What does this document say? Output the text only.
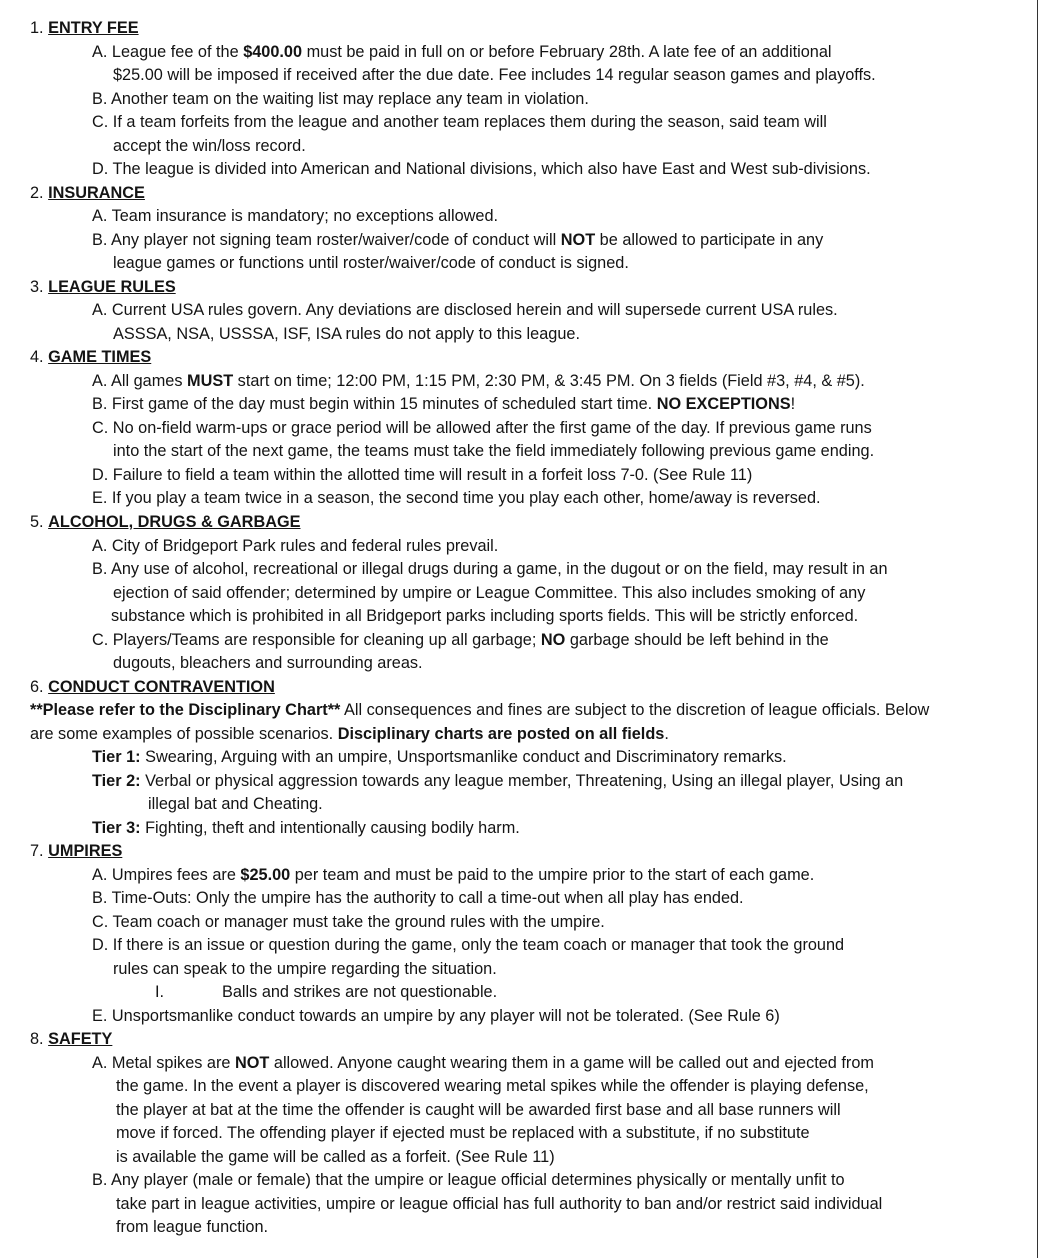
1. ENTRY FEE
A. League fee of the $400.00 must be paid in full on or before February 28th. A late fee of an additional
$25.00 will be imposed if received after the due date. Fee includes 14 regular season games and playoffs.
B. Another team on the waiting list may replace any team in violation.
C. If a team forfeits from the league and another team replaces them during the season, said team will
accept the win/loss record.
D. The league is divided into American and National divisions, which also have East and West sub-divisions.
2. INSURANCE
A. Team insurance is mandatory; no exceptions allowed.
B. Any player not signing team roster/waiver/code of conduct will NOT be allowed to participate in any
league games or functions until roster/waiver/code of conduct is signed.
3. LEAGUE RULES
A. Current USA rules govern. Any deviations are disclosed herein and will supersede current USA rules.
ASSSA, NSA, USSSA, ISF, ISA rules do not apply to this league.
4. GAME TIMES
A. All games MUST start on time; 12:00 PM, 1:15 PM, 2:30 PM, & 3:45 PM. On 3 fields (Field #3, #4, & #5).
B. First game of the day must begin within 15 minutes of scheduled start time. NO EXCEPTIONS!
C. No on-field warm-ups or grace period will be allowed after the first game of the day. If previous game runs
into the start of the next game, the teams must take the field immediately following previous game ending.
D. Failure to field a team within the allotted time will result in a forfeit loss 7-0. (See Rule 11)
E. If you play a team twice in a season, the second time you play each other, home/away is reversed.
5. ALCOHOL, DRUGS & GARBAGE
A. City of Bridgeport Park rules and federal rules prevail.
B. Any use of alcohol, recreational or illegal drugs during a game, in the dugout or on the field, may result in an
ejection of said offender; determined by umpire or League Committee. This also includes smoking of any
substance which is prohibited in all Bridgeport parks including sports fields. This will be strictly enforced.
C. Players/Teams are responsible for cleaning up all garbage; NO garbage should be left behind in the
dugouts, bleachers and surrounding areas.
6. CONDUCT CONTRAVENTION
**Please refer to the Disciplinary Chart** All consequences and fines are subject to the discretion of league officials. Below
are some examples of possible scenarios. Disciplinary charts are posted on all fields.
Tier 1: Swearing, Arguing with an umpire, Unsportsmanlike conduct and Discriminatory remarks.
Tier 2: Verbal or physical aggression towards any league member, Threatening, Using an illegal player, Using an
illegal bat and Cheating.
Tier 3: Fighting, theft and intentionally causing bodily harm.
7. UMPIRES
A. Umpires fees are $25.00 per team and must be paid to the umpire prior to the start of each game.
B. Time-Outs: Only the umpire has the authority to call a time-out when all play has ended.
C. Team coach or manager must take the ground rules with the umpire.
D. If there is an issue or question during the game, only the team coach or manager that took the ground
rules can speak to the umpire regarding the situation.
I.	Balls and strikes are not questionable.
E. Unsportsmanlike conduct towards an umpire by any player will not be tolerated. (See Rule 6)
8. SAFETY
A. Metal spikes are NOT allowed. Anyone caught wearing them in a game will be called out and ejected from
the game. In the event a player is discovered wearing metal spikes while the offender is playing defense,
the player at bat at the time the offender is caught will be awarded first base and all base runners will
move if forced. The offending player if ejected must be replaced with a substitute, if no substitute
is available the game will be called as a forfeit. (See Rule 11)
B. Any player (male or female) that the umpire or league official determines physically or mentally unfit to
take part in league activities, umpire or league official has full authority to ban and/or restrict said individual
from league function.
